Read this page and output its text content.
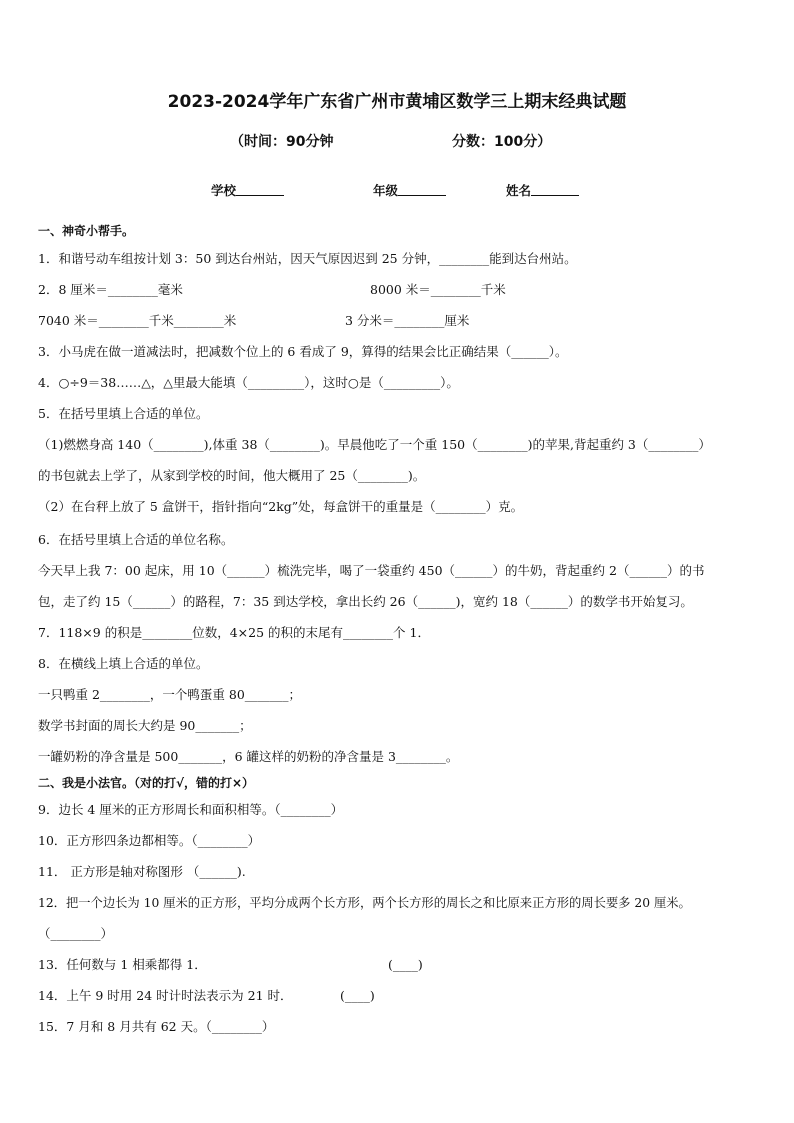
2023-2024学年广东省广州市黄埔区数学三上期末经典试题
（时间：90分钟	分数：100分）
学校	年级	姓名
一、神奇小帮手。
1．和谐号动车组按计划 3：50 到达台州站，因天气原因迟到 25 分钟，________能到达台州站。
2．8 厘米＝________毫米	8000 米＝________千米
7040 米＝________千米________米	3 分米＝________厘米
3．小马虎在做一道减法时，把减数个位上的 6 看成了 9，算得的结果会比正确结果（______）。
4．○÷9＝38……△，△里最大能填（_________），这时○是（_________）。
5．在括号里填上合适的单位。
（1)燃燃身高 140（________),体重 38（________)。早晨他吃了一个重 150（________)的苹果,背起重约 3（________）
的书包就去上学了，从家到学校的时间，他大概用了 25（________)。
（2）在台秤上放了 5 盒饼干，指针指向“2kg”处，每盒饼干的重量是（________）克。
6．在括号里填上合适的单位名称。
今天早上我 7：00 起床，用 10（______）梳洗完毕，喝了一袋重约 450（______）的牛奶，背起重约 2（______）的书
包，走了约 15（______）的路程，7：35 到达学校，拿出长约 26（______)，宽约 18（______）的数学书开始复习。
7．118×9 的积是________位数，4×25 的积的末尾有________个 1．
8．在横线上填上合适的单位。
一只鸭重 2________，一个鸭蛋重 80_______；
数学书封面的周长大约是 90_______；
一罐奶粉的净含量是 500_______，6 罐这样的奶粉的净含量是 3________。
二、我是小法官。（对的打√，错的打×）
9．边长 4 厘米的正方形周长和面积相等。（________）
10．正方形四条边都相等。（________）
11． 正方形是轴对称图形 （______).
12．把一个边长为 10 厘米的正方形，平均分成两个长方形，两个长方形的周长之和比原来正方形的周长要多 20 厘米。
（________）
13．任何数与 1 相乘都得 1．	(____)
14．上午 9 时用 24 时计时法表示为 21 时．	(____)
15．7 月和 8 月共有 62 天。（________）
